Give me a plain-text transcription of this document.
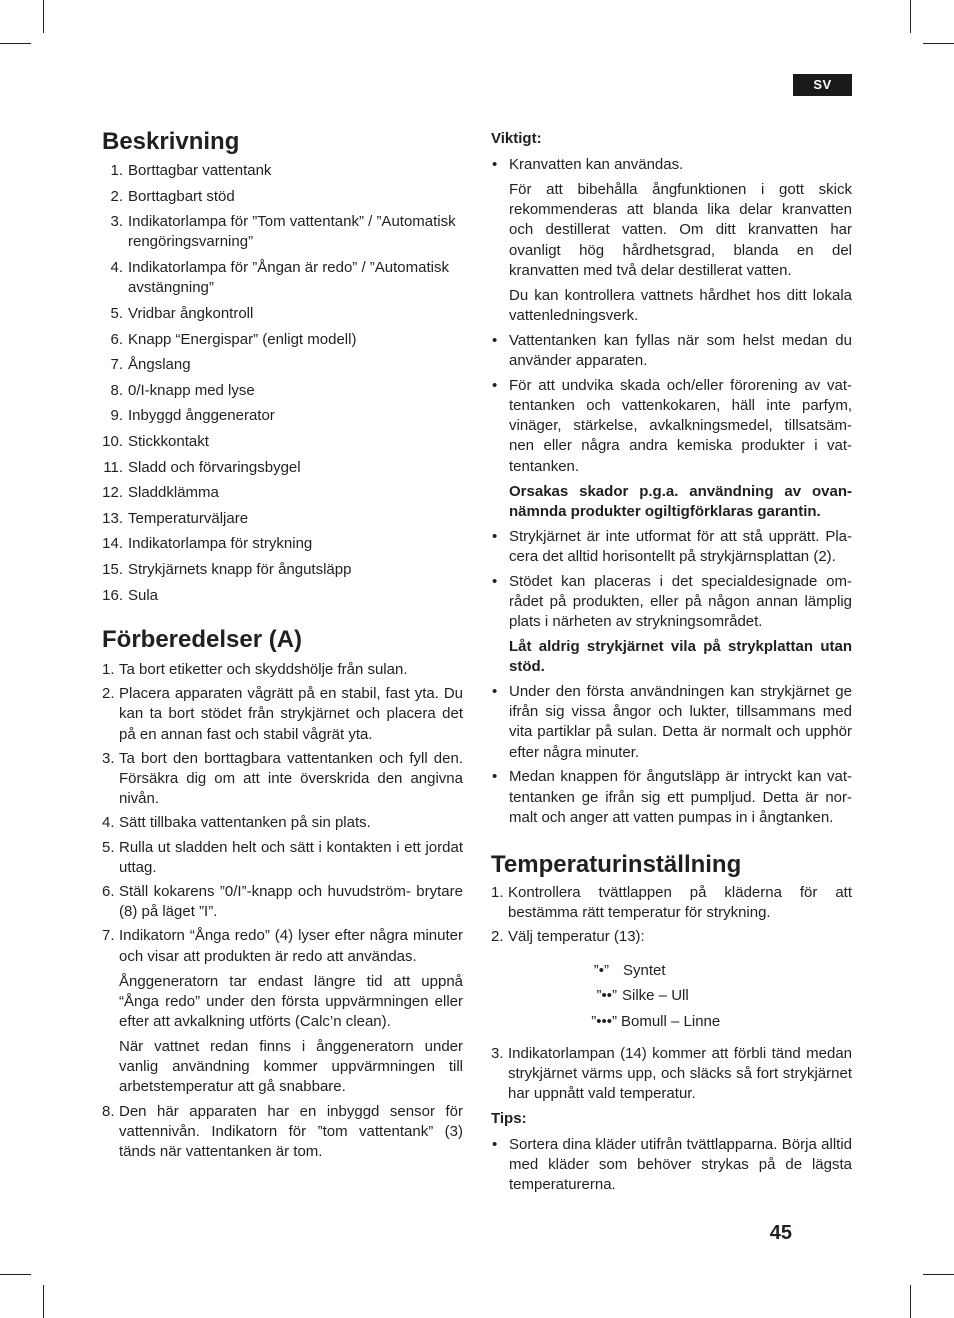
SV
Beskrivning
1. Borttagbar vattentank
2. Borttagbart stöd
3. Indikatorlampa för ”Tom vattentank” / ”Automatisk rengöringsvarning”
4. Indikatorlampa för ”Ångan är redo” / ”Automatisk avstängning”
5. Vridbar ångkontroll
6. Knapp “Energispar” (enligt modell)
7. Ångslang
8. 0/I-knapp med lyse
9. Inbyggd ånggenerator
10. Stickkontakt
11. Sladd och förvaringsbygel
12. Sladdklämma
13. Temperaturväljare
14. Indikatorlampa för strykning
15. Strykjärnets knapp för ångutsläpp
16. Sula
Förberedelser (A)
1. Ta bort etiketter och skyddshölje från sulan.
2. Placera apparaten vågrätt på en stabil, fast yta. Du kan ta bort stödet från strykjärnet och placera det på en annan fast och stabil vågrät yta.
3. Ta bort den borttagbara vattentanken och fyll den. Försäkra dig om att inte överskrida den angivna nivån.
4. Sätt tillbaka vattentanken på sin plats.
5. Rulla ut sladden helt och sätt i kontakten i ett jordat uttag.
6. Ställ kokarens ”0/I”-knapp och huvudström- brytare (8) på läget ”I”.
7. Indikatorn “Ånga redo” (4) lyser efter några minuter och visar att produkten är redo att användas.
Ånggeneratorn tar endast längre tid att uppnå “Ånga redo” under den första uppvärmningen eller efter att avkalkning utförts (Calc’n clean).
När vattnet redan finns i ånggeneratorn under vanlig användning kommer uppvärmningen till arbetstemperatur att gå snabbare.
8. Den här apparaten har en inbyggd sensor för vattennivån. Indikatorn för ”tom vattentank” (3) tänds när vattentanken är tom.
Viktigt:
• Kranvatten kan användas.
För att bibehålla ångfunktionen i gott skick rekommenderas att blanda lika delar kranvatten och destillerat vatten. Om ditt kranvatten har ovanligt hög hårdhetsgrad, blanda en del kranvatten med två delar destillerat vatten.
Du kan kontrollera vattnets hårdhet hos ditt lokala vattenledningsverk.
• Vattentanken kan fyllas när som helst medan du använder apparaten.
• För att undvika skada och/eller förorening av vat- tentanken och vattenkokaren, häll inte parfym, vinäger, stärkelse, avkalkningsmedel, tillsatsäm- nen eller några andra kemiska produkter i vat- tentanken.
Orsakas skador p.g.a. användning av ovan- nämnda produkter ogiltigförklaras garantin.
• Strykjärnet är inte utformat för att stå upprätt. Pla- cera det alltid horisontellt på strykjärnsplattan (2).
• Stödet kan placeras i det specialdesignade om- rådet på produkten, eller på någon annan lämplig plats i närheten av strykningsområdet.
Låt aldrig strykjärnet vila på strykplattan utan stöd.
• Under den första användningen kan strykjärnet ge ifrån sig vissa ångor och lukter, tillsammans med vita partiklar på sulan. Detta är normalt och upphör efter några minuter.
• Medan knappen för ångutsläpp är intryckt kan vat- tentanken ge ifrån sig ett pumpljud. Detta är nor- malt och anger att vatten pumpas in i ångtanken.
Temperaturinställning
1. Kontrollera tvättlappen på kläderna för att bestämma rätt temperatur för strykning.
2. Välj temperatur (13):
”•” Syntet
”••” Silke – Ull
”•••” Bomull – Linne
3. Indikatorlampan (14) kommer att förbli tänd medan strykjärnet värms upp, och släcks så fort strykjärnet har uppnått vald temperatur.
Tips:
• Sortera dina kläder utifrån tvättlapparna. Börja alltid med kläder som behöver strykas på de lägsta temperaturerna.
45
